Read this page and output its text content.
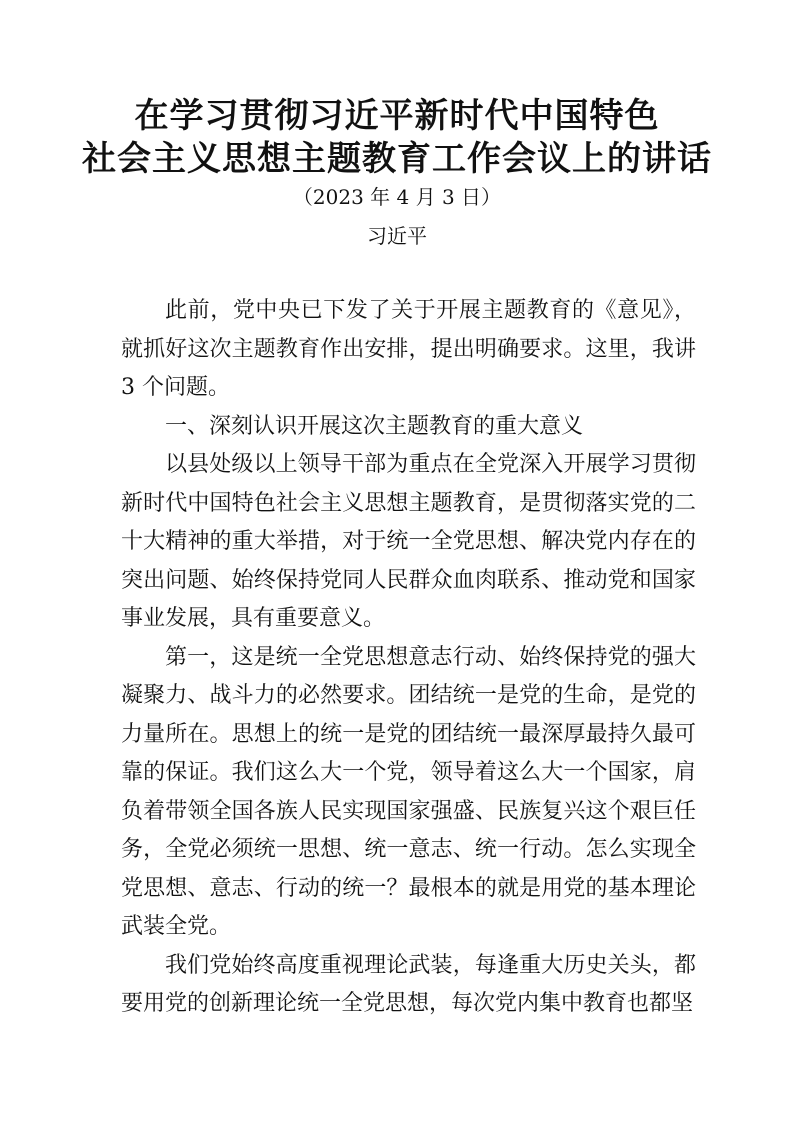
在学习贯彻习近平新时代中国特色
社会主义思想主题教育工作会议上的讲话
（2023 年 4 月 3 日）
习近平

此前，党中央已下发了关于开展主题教育的《意见》，就抓好这次主题教育作出安排，提出明确要求。这里，我讲 3 个问题。

一、深刻认识开展这次主题教育的重大意义

以县处级以上领导干部为重点在全党深入开展学习贯彻新时代中国特色社会主义思想主题教育，是贯彻落实党的二十大精神的重大举措，对于统一全党思想、解决党内存在的突出问题、始终保持党同人民群众血肉联系、推动党和国家事业发展，具有重要意义。

第一，这是统一全党思想意志行动、始终保持党的强大凝聚力、战斗力的必然要求。团结统一是党的生命，是党的力量所在。思想上的统一是党的团结统一最深厚最持久最可靠的保证。我们这么大一个党，领导着这么大一个国家，肩负着带领全国各族人民实现国家强盛、民族复兴这个艰巨任务，全党必须统一思想、统一意志、统一行动。怎么实现全党思想、意志、行动的统一？最根本的就是用党的基本理论武装全党。

我们党始终高度重视理论武装，每逢重大历史关头，都要用党的创新理论统一全党思想，每次党内集中教育也都坚
